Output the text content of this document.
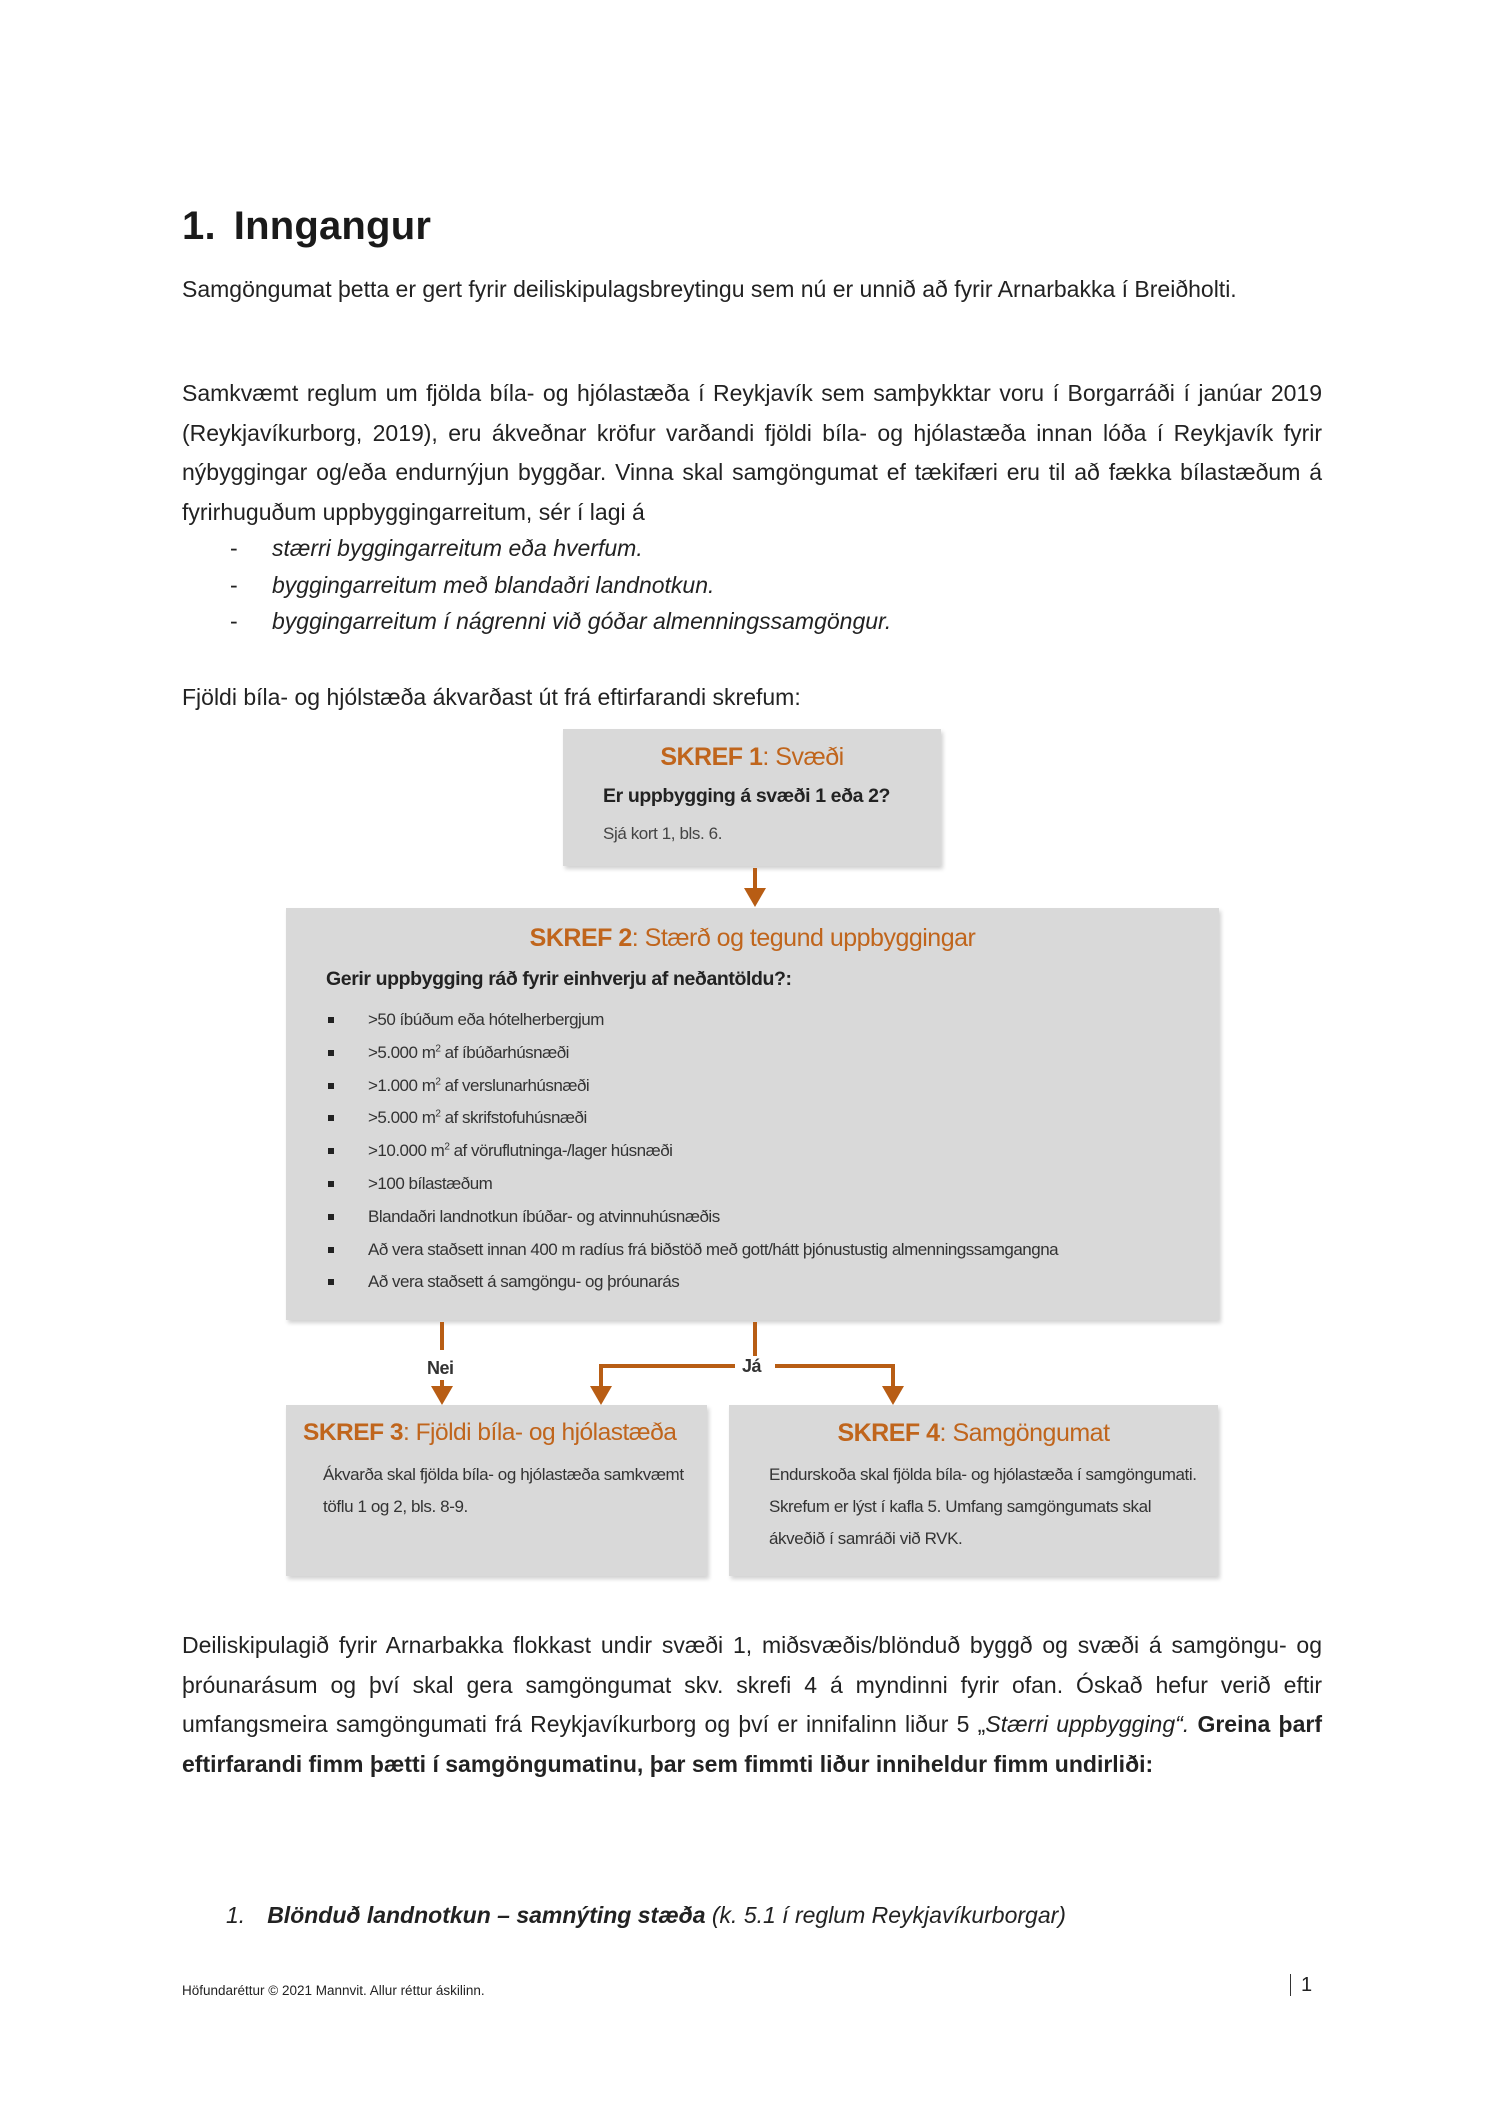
1. Inngangur
Samgöngumat þetta er gert fyrir deiliskipulagsbreytingu sem nú er unnið að fyrir Arnarbakka í Breiðholti.
Samkvæmt reglum um fjölda bíla- og hjólastæða í Reykjavík sem samþykktar voru í Borgarráði í janúar 2019 (Reykjavíkurborg, 2019), eru ákveðnar kröfur varðandi fjöldi bíla- og hjólastæða innan lóða í Reykjavík fyrir nýbyggingar og/eða endurnýjun byggðar. Vinna skal samgöngumat ef tækifæri eru til að fækka bílastæðum á fyrirhuguðum uppbyggingarreitum, sér í lagi á
-	stærri byggingarreitum eða hverfum.
-	byggingarreitum með blandaðri landnotkun.
-	byggingarreitum í nágrenni við góðar almenningssamgöngur.
Fjöldi bíla- og hjólstæða ákvarðast út frá eftirfarandi skrefum:
SKREF 1: Svæði
Er uppbygging á svæði 1 eða 2?
Sjá kort 1, bls. 6.
SKREF 2: Stærð og tegund uppbyggingar
Gerir uppbygging ráð fyrir einhverju af neðantöldu?:
>50 íbúðum eða hótelherbergjum
>5.000 $m^2$ af íbúðarhúsnæði
>1.000 $m^2$ af verslunarhúsnæði
>5.000 $m^2$ af skrifstofuhúsnæði
>10.000 $m^2$ af vöruflutninga-/lager húsnæði
>100 bílastæðum
Blandaðri landnotkun íbúðar- og atvinnuhúsnæðis
Að vera staðsett innan 400 m radíus frá biðstöð með gott/hátt þjónustustig almenningssamgangna
Að vera staðsett á samgöngu- og þróunarás
SKREF 3: Fjöldi bíla- og hjólastæða
Ákvarða skal fjölda bíla- og hjólastæða samkvæmt töflu 1 og 2, bls. 8-9.
SKREF 4: Samgöngumat
Endurskoða skal fjölda bíla- og hjólastæða í samgöngumati. Skrefum er lýst í kafla 5. Umfang samgöngumats skal ákveðið í samráði við RVK.
Nei	Já
Deiliskipulagið fyrir Arnarbakka flokkast undir svæði 1, miðsvæðis/blönduð byggð og svæði á samgöngu- og þróunarásum og því skal gera samgöngumat skv. skrefi 4 á myndinni fyrir ofan. Óskað hefur verið eftir umfangsmeira samgöngumati frá Reykjavíkurborg og því er innifalinn liður 5 „Stærri uppbygging“. Greina þarf eftirfarandi fimm þætti í samgöngumatinu, þar sem fimmti liður inniheldur fimm undirliði:
1. Blönduð landnotkun – samnýting stæða (k. 5.1 í reglum Reykjavíkurborgar)
Höfundaréttur © 2021 Mannvit. Allur réttur áskilinn.	1
